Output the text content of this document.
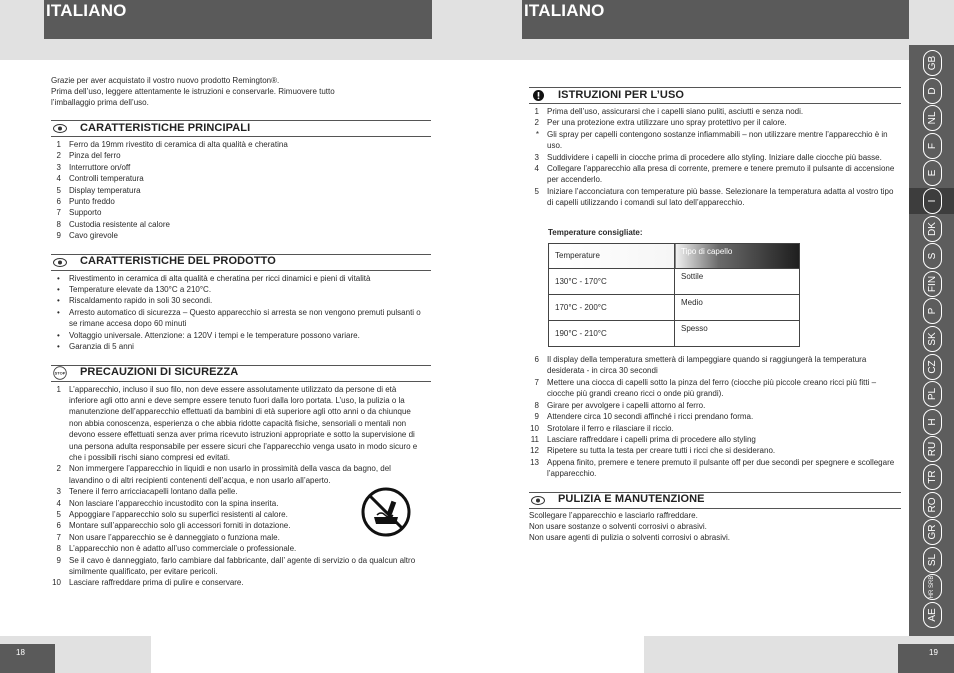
ITALIANO	ITALIANO
Grazie per aver acquistato il vostro nuovo prodotto Remington®.
Prima dell’uso, leggere attentamente le istruzioni e conservarle. Rimuovere tutto
l’imballaggio prima dell’uso.
CARATTERISTICHE PRINCIPALI
1	Ferro da 19mm rivestito di ceramica di alta qualità e cheratina
2	Pinza del ferro
3	Interruttore on/off
4	Controlli temperatura
5	Display temperatura
6	Punto freddo
7	Supporto
8	Custodia resistente al calore
9	Cavo girevole
CARATTERISTICHE DEL PRODOTTO
•	Rivestimento in ceramica di alta qualità e cheratina per ricci dinamici e pieni di vitalità
•	Temperature elevate da 130°C a 210°C.
•	Riscaldamento rapido in soli 30 secondi.
•	Arresto automatico di sicurezza – Questo apparecchio si arresta se non vengono premuti pulsanti o se rimane accesa dopo 60 minuti
•	Voltaggio universale. Attenzione: a 120V i tempi e le temperature possono variare.
•	Garanzia di 5 anni
STOP PRECAUZIONI DI SICUREZZA
1	L’apparecchio, incluso il suo filo, non deve essere assolutamente utilizzato da persone di età inferiore agli otto anni e deve sempre essere tenuto fuori dalla loro portata. L’uso, la pulizia o la manutenzione dell’apparecchio effettuati da bambini di età superiore agli otto anni o da chiunque non abbia conoscenza, esperienza o che abbia ridotte capacità fisiche, sensoriali o mentali non devono essere effettuati senza aver prima ricevuto istruzioni appropriate e sotto la supervisione di una persona adulta responsabile per essere sicuri che l’apparecchio venga usato in modo sicuro e che i possibili rischi siano compresi ed evitati.
2	Non immergere l’apparecchio in liquidi e non usarlo in prossimità della vasca da bagno, del lavandino o di altri recipienti contenenti dell’acqua, e non usarlo all’aperto.
3	Tenere il ferro arricciacapelli lontano dalla pelle.
4	Non lasciare l’apparecchio incustodito con la spina inserita.
5	Appoggiare l’apparecchio solo su superfici resistenti al calore.
6	Montare sull’apparecchio solo gli accessori forniti in dotazione.
7	Non usare l’apparecchio se è danneggiato o funziona male.
8	L’apparecchio non è adatto all’uso commerciale o professionale.
9	Se il cavo è danneggiato, farlo cambiare dal fabbricante, dall’ agente di servizio o da qualcun altro similmente qualificato, per evitare pericoli.
10	Lasciare raffreddare prima di pulire e conservare.
ISTRUZIONI PER L’USO
1	Prima dell’uso, assicurarsi che i capelli siano puliti, asciutti e senza nodi.
2	Per una protezione extra utilizzare uno spray protettivo per il calore.
*	Gli spray per capelli contengono sostanze infiammabili – non utilizzare mentre l’apparecchio è in uso.
3	Suddividere i capelli in ciocche prima di procedere allo styling. Iniziare dalle ciocche più basse.
4	Collegare l’apparecchio alla presa di corrente, premere e tenere premuto il pulsante di accensione per accenderlo.
5	Iniziare l’acconciatura con temperature più basse. Selezionare la temperatura adatta al vostro tipo di capelli utilizzando i comandi sul lato dell’apparecchio.
Temperature consigliate:
Temperature	Tipo di capello
130°C - 170°C	Sottile
170°C - 200°C	Medio
190°C - 210°C	Spesso
6	Il display della temperatura smetterà di lampeggiare quando si raggiungerà la temperatura desiderata - in circa 30 secondi
7	Mettere una ciocca di capelli sotto la pinza del ferro (ciocche più piccole creano ricci più fitti – ciocche più grandi creano ricci o onde più grandi).
8	Girare per avvolgere i capelli attorno al ferro.
9	Attendere circa 10 secondi affinché i ricci prendano forma.
10	Srotolare il ferro e rilasciare il riccio.
11	Lasciare raffreddare i capelli prima di procedere allo styling
12	Ripetere su tutta la testa per creare tutti i ricci che si desiderano.
13	Appena finito, premere e tenere premuto il pulsante off per due secondi per spegnere e scollegare l’apparecchio.
PULIZIA E MANUTENZIONE
Scollegare l’apparecchio e lasciarlo raffreddare.
Non usare sostanze o solventi corrosivi o abrasivi.
Non usare agenti di pulizia o solventi corrosivi o abrasivi.
GB
D
NL
F
E
I
DK
S
FIN
P
SK
CZ
PL
H
RU
TR
RO
GR
SL
HR SRB
AE
18	19
